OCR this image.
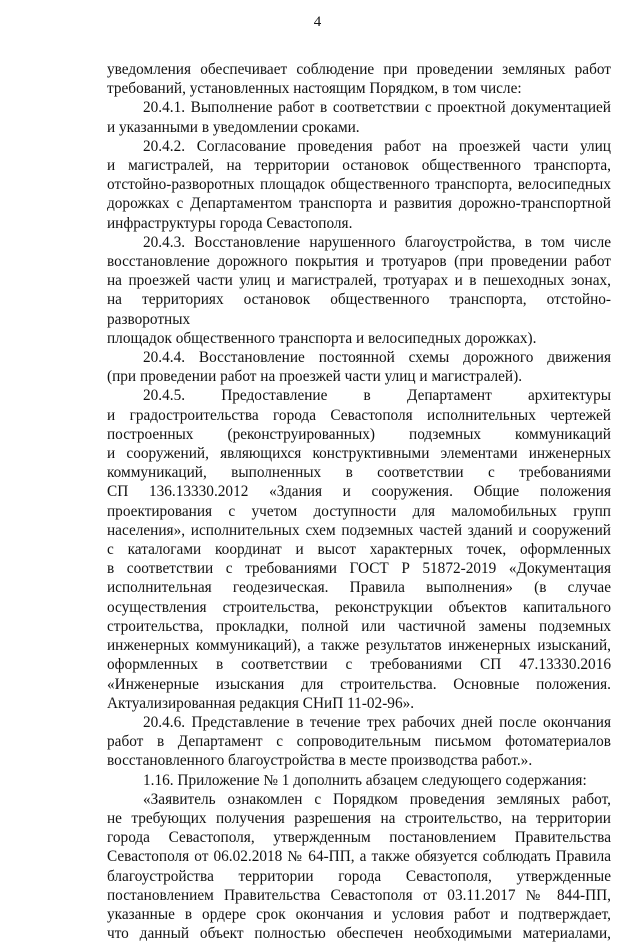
4

уведомления обеспечивает соблюдение при проведении земляных работ

требований, установленных настоящим Порядком, в том числе:

20.4.1. Выполнение работ в соответствии с проектной документацией

и указанными в уведомлении сроками.

20.4.2. Согласование проведения работ на проезжей части улиц

и магистралей, на территории остановок общественного транспорта,

отстойно-разворотных площадок общественного транспорта, велосипедных

дорожках с Департаментом транспорта и развития дорожно-транспортной

инфраструктуры города Севастополя.

20.4.3. Восстановление нарушенного благоустройства, в том числе

восстановление дорожного покрытия и тротуаров (при проведении работ

на проезжей части улиц и магистралей, тротуарах и в пешеходных зонах,

на территориях остановок общественного транспорта, отстойно-разворотных

площадок общественного транспорта и велосипедных дорожках).

20.4.4. Восстановление постоянной схемы дорожного движения

(при проведении работ на проезжей части улиц и магистралей).

20.4.5. Предоставление в Департамент архитектуры

и градостроительства города Севастополя исполнительных чертежей

построенных (реконструированных) подземных коммуникаций

и сооружений, являющихся конструктивными элементами инженерных

коммуникаций, выполненных в соответствии с требованиями

СП 136.13330.2012 «Здания и сооружения. Общие положения

проектирования с учетом доступности для маломобильных групп

населения», исполнительных схем подземных частей зданий и сооружений

с каталогами координат и высот характерных точек, оформленных

в соответствии с требованиями ГОСТ Р 51872-2019 «Документация

исполнительная геодезическая. Правила выполнения» (в случае

осуществления строительства, реконструкции объектов капитального

строительства, прокладки, полной или частичной замены подземных

инженерных коммуникаций), а также результатов инженерных изысканий,

оформленных в соответствии с требованиями СП 47.13330.2016

«Инженерные изыскания для строительства. Основные положения.

Актуализированная редакция СНиП 11-02-96».

20.4.6. Представление в течение трех рабочих дней после окончания

работ в Департамент с сопроводительным письмом фотоматериалов

восстановленного благоустройства в месте производства работ.».

1.16. Приложение № 1 дополнить абзацем следующего содержания:

«Заявитель ознакомлен с Порядком проведения земляных работ,

не требующих получения разрешения на строительство, на территории

города Севастополя, утвержденным постановлением Правительства

Севастополя от 06.02.2018 № 64-ПП, а также обязуется соблюдать Правила

благоустройства территории города Севастополя, утвержденные

постановлением Правительства Севастополя от 03.11.2017 № 844-ПП,

указанные в ордере срок окончания и условия работ и подтверждает,

что данный объект полностью обеспечен необходимыми материалами,
